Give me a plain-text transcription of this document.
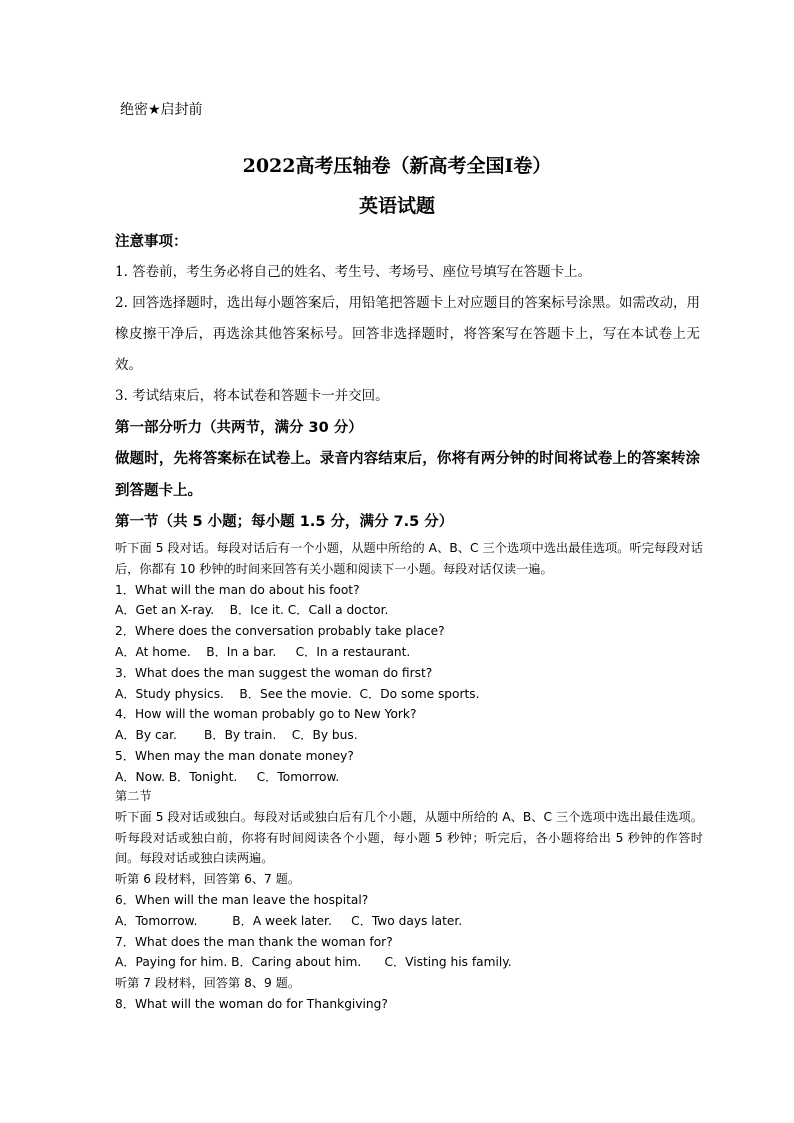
绝密★启封前
2022高考压轴卷（新高考全国I卷）
英语试题
注意事项：
1. 答卷前，考生务必将自己的姓名、考生号、考场号、座位号填写在答题卡上。
2. 回答选择题时，选出每小题答案后，用铅笔把答题卡上对应题目的答案标号涂黑。如需改动，用橡皮擦干净后，再选涂其他答案标号。回答非选择题时，将答案写在答题卡上，写在本试卷上无效。
3. 考试结束后，将本试卷和答题卡一并交回。
第一部分听力（共两节，满分 30 分）
做题时，先将答案标在试卷上。录音内容结束后，你将有两分钟的时间将试卷上的答案转涂到答题卡上。
第一节（共 5 小题；每小题 1.5 分，满分 7.5 分）
听下面 5 段对话。每段对话后有一个小题，从题中所给的 A、B、C 三个选项中选出最佳选项。听完每段对话后，你都有 10 秒钟的时间来回答有关小题和阅读下一小题。每段对话仅读一遍。
1．What will the man do about his foot?
A．Get an X-ray.    B．Ice it. C．Call a doctor.
2．Where does the conversation probably take place?
A．At home.    B．In a bar.     C．In a restaurant.
3．What does the man suggest the woman do first?
A．Study physics.    B．See the movie.  C．Do some sports.
4．How will the woman probably go to New York?
A．By car.       B．By train.    C．By bus.
5．When may the man donate money?
A．Now. B．Tonight.     C．Tomorrow.
第二节
听下面 5 段对话或独白。每段对话或独白后有几个小题，从题中所给的 A、B、C 三个选项中选出最佳选项。听每段对话或独白前，你将有时间阅读各个小题，每小题 5 秒钟；听完后，各小题将给出 5 秒钟的作答时间。每段对话或独白读两遍。
听第 6 段材料，回答第 6、7 题。
6．When will the man leave the hospital?
A．Tomorrow.         B．A week later.     C．Two days later.
7．What does the man thank the woman for?
A．Paying for him. B．Caring about him.      C．Visting his family.
听第 7 段材料，回答第 8、9 题。
8．What will the woman do for Thankgiving?
